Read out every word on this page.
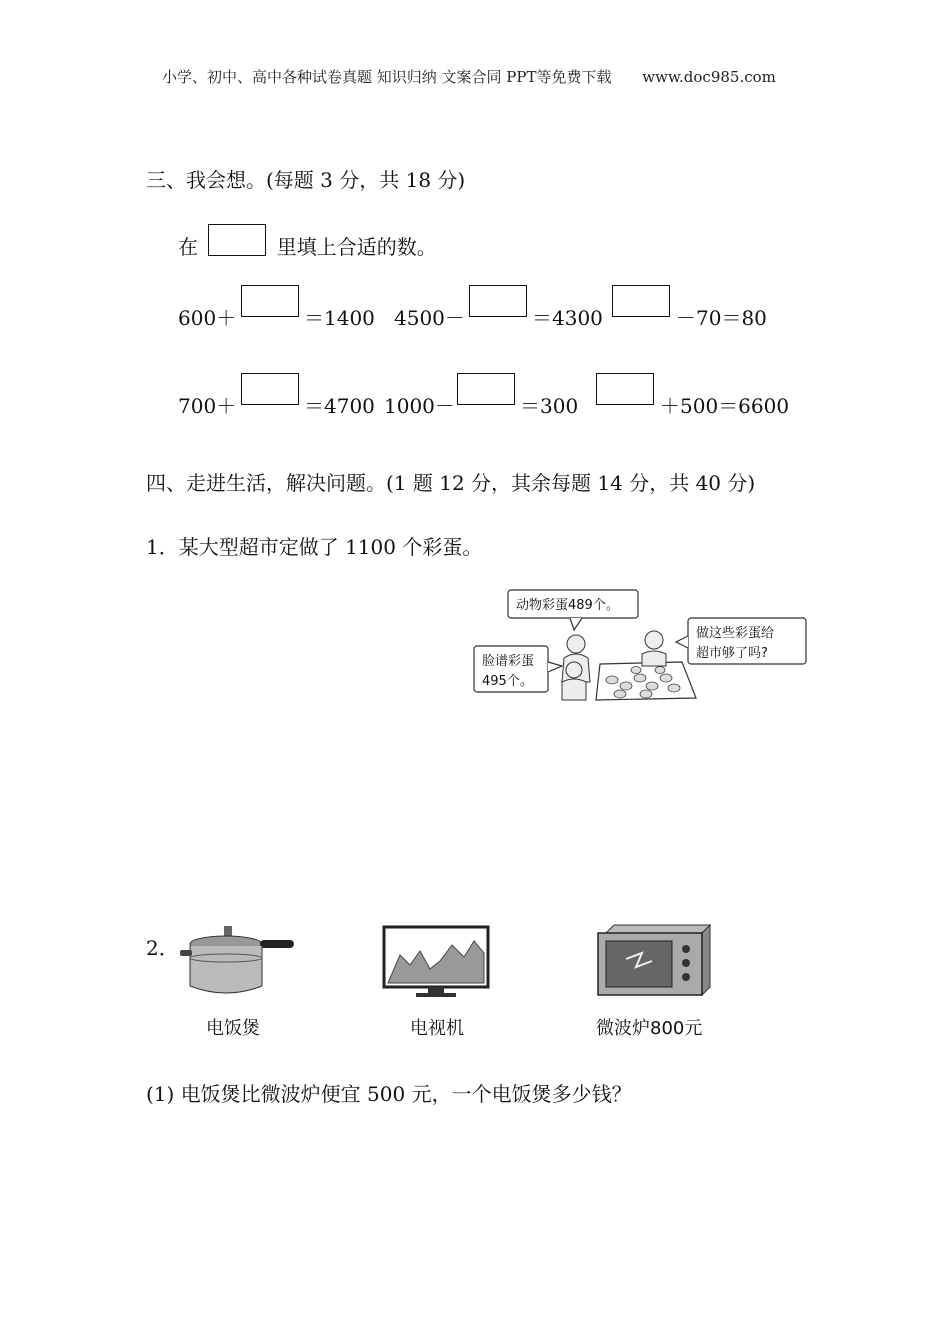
小学、初中、高中各种试卷真题 知识归纳 文案合同 PPT等免费下载 www.doc985.com
三、我会想。(每题 3 分，共 18 分)
在	里填上合适的数。
600＋	＝1400 4500－	＝4300	－70＝80
700＋	＝4700 1000－	＝300	＋500＝6600
四、走进生活，解决问题。(1 题 12 分，其余每题 14 分，共 40 分)
1．某大型超市定做了 1100 个彩蛋。
动物彩蛋489个。
脸谱彩蛋
495个。
做这些彩蛋给
超市够了吗?
2．
电饭煲	电视机	微波炉800元
(1) 电饭煲比微波炉便宜 500 元，一个电饭煲多少钱？
